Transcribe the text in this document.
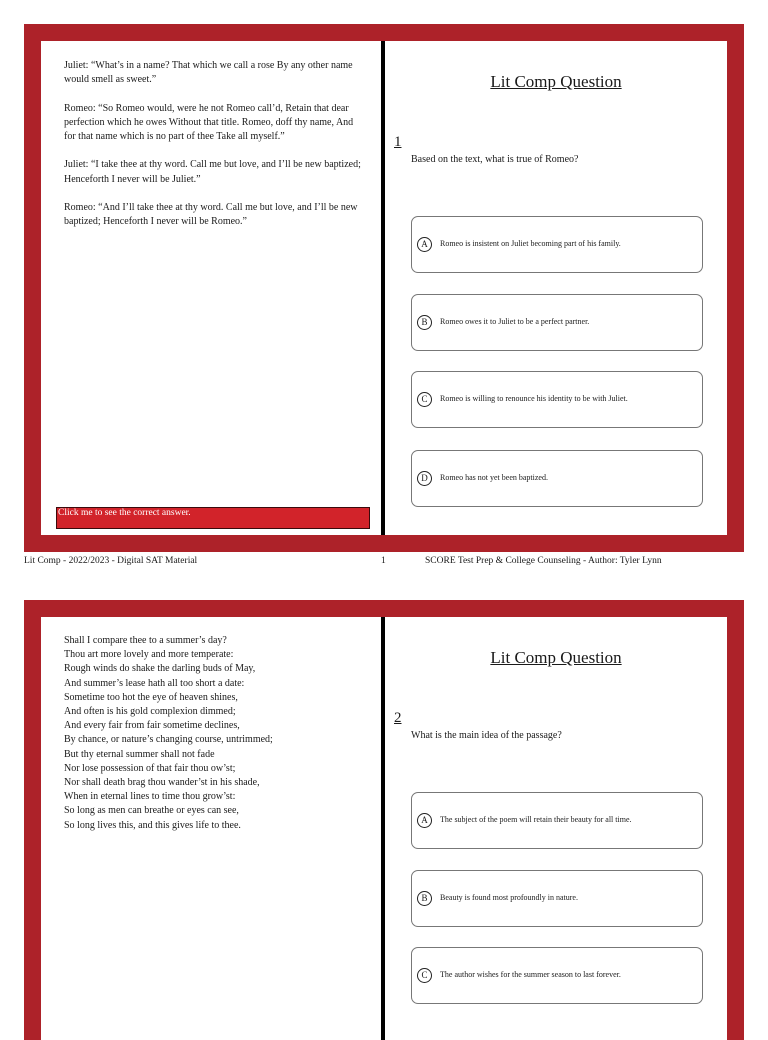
Juliet: “What’s in a name? That which we call a rose By any other name would smell as sweet.”

Romeo: “So Romeo would, were he not Romeo call’d, Retain that dear perfection which he owes Without that title. Romeo, doff thy name, And for that name which is no part of thee Take all myself.”

Juliet: “I take thee at thy word. Call me but love, and I’ll be new baptized; Henceforth I never will be Juliet.”

Romeo: “And I’ll take thee at thy word. Call me but love, and I’ll be new baptized; Henceforth I never will be Romeo.”

Lit Comp Question
1
Based on the text, what is true of Romeo?
A	Romeo is insistent on Juliet becoming part of his family.
B	Romeo owes it to Juliet to be a perfect partner.
C	Romeo is willing to renounce his identity to be with Juliet.
D	Romeo has not yet been baptized.
Click me to see the correct answer.
Lit Comp - 2022/2023 - Digital SAT Material	1	SCORE Test Prep & College Counseling - Author: Tyler Lynn
Shall I compare thee to a summer’s day?
Thou art more lovely and more temperate:
Rough winds do shake the darling buds of May,
And summer’s lease hath all too short a date:
Sometime too hot the eye of heaven shines,
And often is his gold complexion dimmed;
And every fair from fair sometime declines,
By chance, or nature’s changing course, untrimmed;
But thy eternal summer shall not fade
Nor lose possession of that fair thou ow’st;
Nor shall death brag thou wander’st in his shade,
When in eternal lines to time thou grow’st:
So long as men can breathe or eyes can see,
So long lives this, and this gives life to thee.
Lit Comp Question
2
What is the main idea of the passage?
A	The subject of the poem will retain their beauty for all time.
B	Beauty is found most profoundly in nature.
C	The author wishes for the summer season to last forever.
